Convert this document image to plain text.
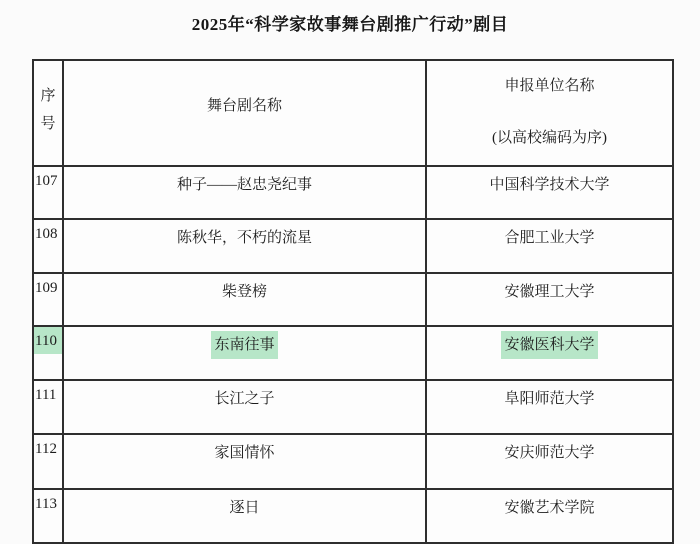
2025年“科学家故事舞台剧推广行动”剧目
序号	舞台剧名称	申报单位名称
(以高校编码为序)

107	种子——赵忠尧纪事	中国科学技术大学
108	陈秋华，不朽的流星	合肥工业大学
109	柴登榜	安徽理工大学
110	东南往事	安徽医科大学
111	长江之子	阜阳师范大学
112	家国情怀	安庆师范大学
113	逐日	安徽艺术学院
